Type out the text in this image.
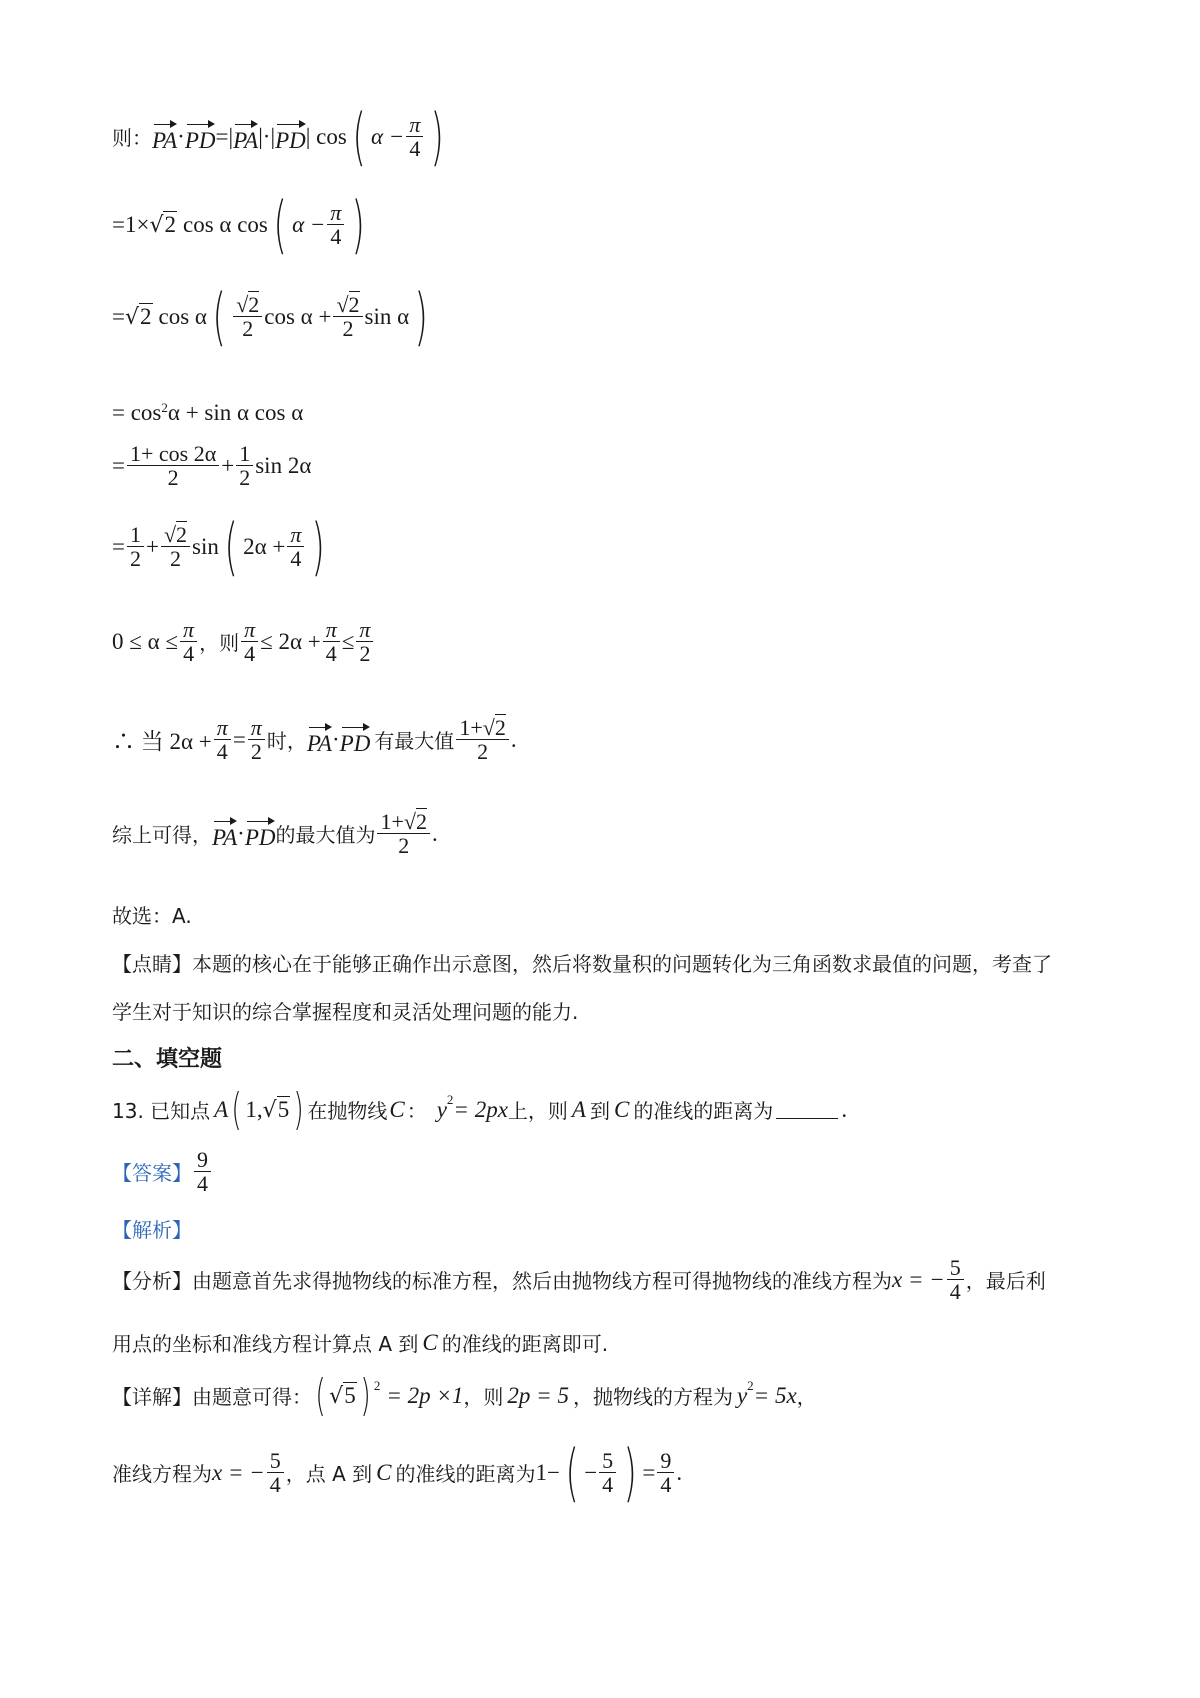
则： PA · PD =| PA |·| PD | cos ( $\alpha - \frac{\pi}{4}$ )
=1× √ 2 cos α cos ( $\alpha - \frac{\pi}{4}$ )
= √ 2 cos α ( $\frac{√2}{2}$ $\cos \alpha + \frac{√2}{2}$ sin α )
= $\cos^2 \alpha + \sin \alpha$ cos α
= $\frac{1+ \cos 2\alpha}{2} + \frac{1}{2}$ sin 2α
= $\frac{1}{2} + \frac{√2}{2}$ sin ( $2\alpha + \frac{\pi}{4}$ )
$0 \le \alpha \le \frac{\pi}{4}$ ，则 $\frac{\pi}{4} \le 2\alpha + \frac{\pi}{4} \le \frac{\pi}{2}$
∴ 当 $2\alpha + \frac{\pi}{4} = \frac{\pi}{2}$ 时， PA · PD 有最大值 $\frac{1+√2}{2}$ .
综上可得， PA · PD 的最大值为 $\frac{1+√2}{2}$ .
故选：A.
【点睛】本题的核心在于能够正确作出示意图，然后将数量积的问题转化为三角函数求最值的问题，考查了
学生对于知识的综合掌握程度和灵活处理问题的能力.
二、填空题
13. 已知点 A ( 1, √ 5 ) 在抛物线 C ： $y^2 = 2px$ 上，则 A 到 C 的准线的距离为	.
【答案】 $\frac{9}{4}$
【解析】
【分析】由题意首先求得抛物线的标准方程，然后由抛物线方程可得抛物线的准线方程为 x = − $\frac{5}{4}$ ，最后利
用点的坐标和准线方程计算点 A 到 C 的准线的距离即可.
【详解】由题意可得： ( √ 5 ) $^2$ = 2p ×1 ，则 2p = 5 ，抛物线的方程为 $y^2 = 5x$ ，
准线方程为 x = − $\frac{5}{4}$ ，点 A 到 C 的准线的距离为 1− ( − $\frac{5}{4}$ ) = $\frac{9}{4}$ .
